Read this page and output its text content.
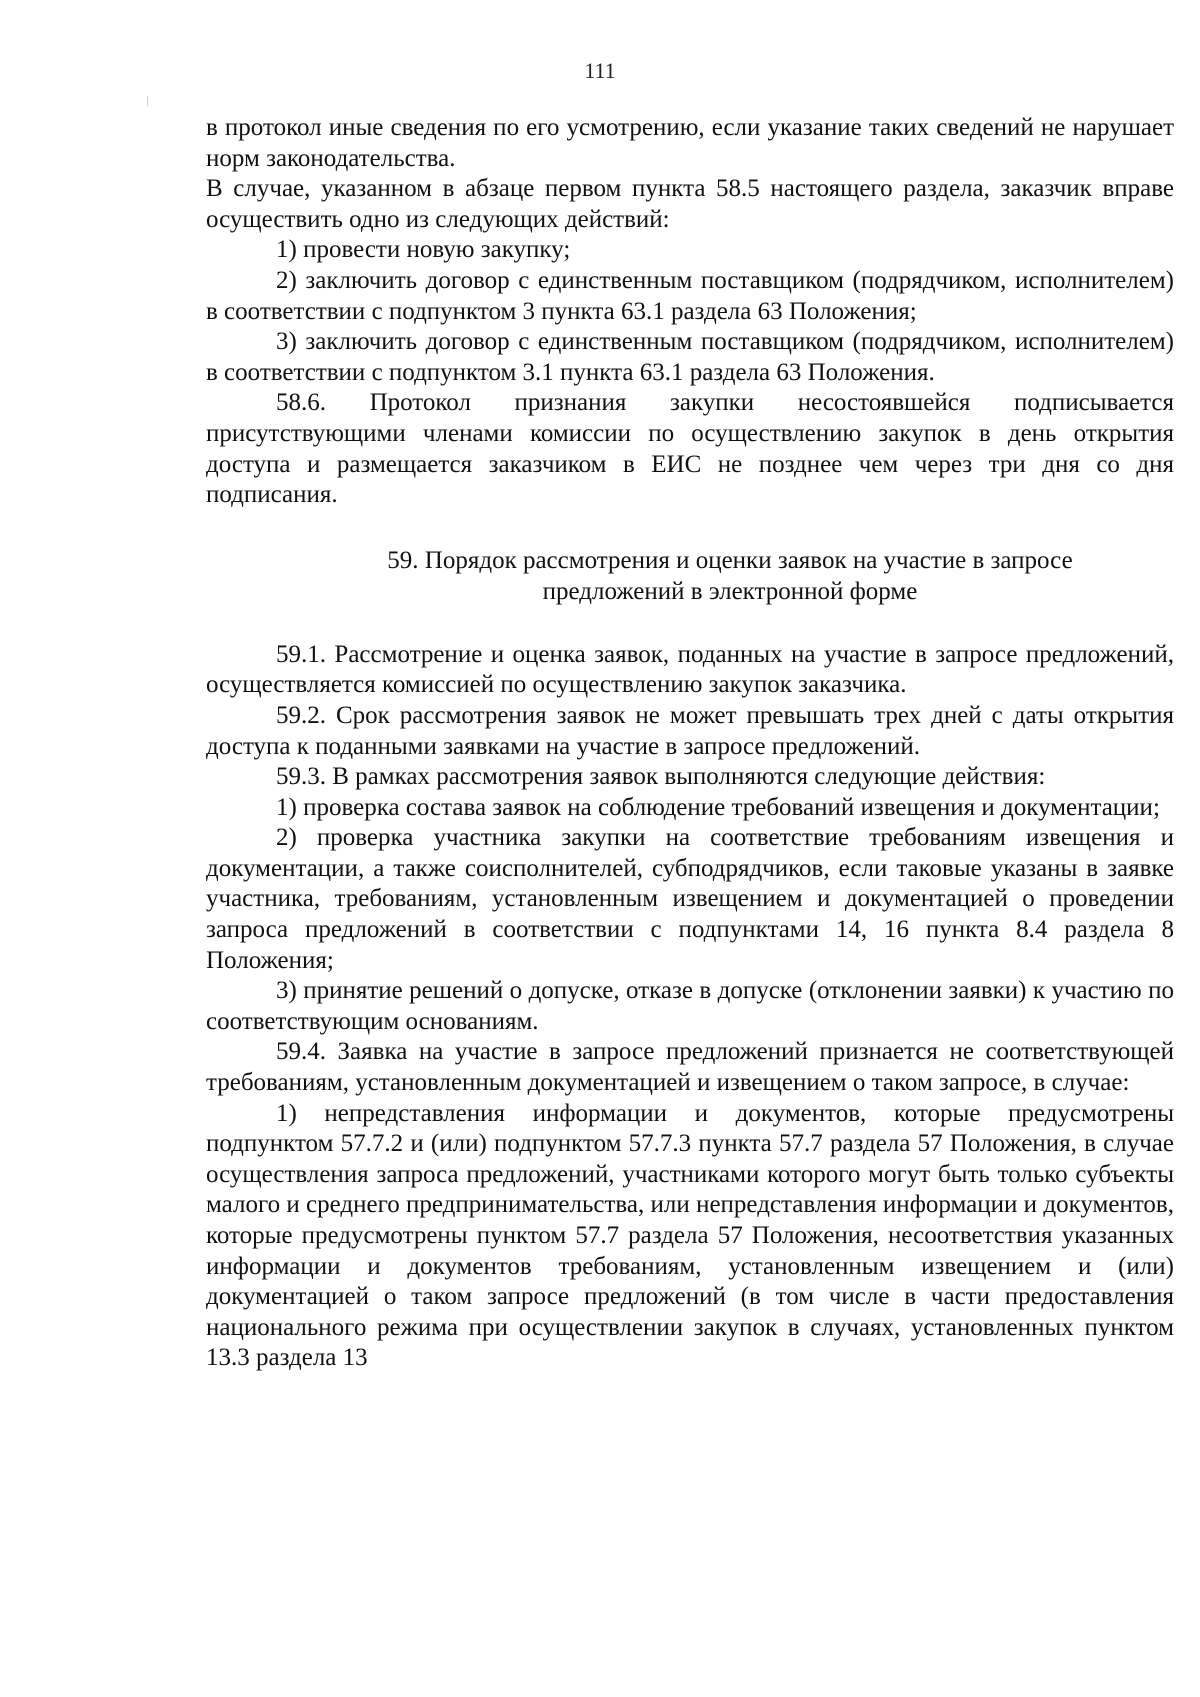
111

в протокол иные сведения по его усмотрению, если указание таких сведений не нарушает норм законодательства.

В случае, указанном в абзаце первом пункта 58.5 настоящего раздела, заказчик вправе осуществить одно из следующих действий:

1) провести новую закупку;

2) заключить договор с единственным поставщиком (подрядчиком, исполнителем) в соответствии с подпунктом 3 пункта 63.1 раздела 63 Положения;

3) заключить договор с единственным поставщиком (подрядчиком, исполнителем) в соответствии с подпунктом 3.1 пункта 63.1 раздела 63 Положения.

58.6. Протокол признания закупки несостоявшейся подписывается присутствующими членами комиссии по осуществлению закупок в день открытия доступа и размещается заказчиком в ЕИС не позднее чем через три дня со дня подписания.

59. Порядок рассмотрения и оценки заявок на участие в запросе
предложений в электронной форме

59.1. Рассмотрение и оценка заявок, поданных на участие в запросе предложений, осуществляется комиссией по осуществлению закупок заказчика.

59.2. Срок рассмотрения заявок не может превышать трех дней с даты открытия доступа к поданными заявками на участие в запросе предложений.

59.3. В рамках рассмотрения заявок выполняются следующие действия:

1) проверка состава заявок на соблюдение требований извещения и документации;

2) проверка участника закупки на соответствие требованиям извещения и документации, а также соисполнителей, субподрядчиков, если таковые указаны в заявке участника, требованиям, установленным извещением и документацией о проведении запроса предложений в соответствии с подпунктами 14, 16 пункта 8.4 раздела 8 Положения;

3) принятие решений о допуске, отказе в допуске (отклонении заявки) к участию по соответствующим основаниям.

59.4. Заявка на участие в запросе предложений признается не соответствующей требованиям, установленным документацией и извещением о таком запросе, в случае:

1) непредставления информации и документов, которые предусмотрены подпунктом 57.7.2 и (или) подпунктом 57.7.3 пункта 57.7 раздела 57 Положения, в случае осуществления запроса предложений, участниками которого могут быть только субъекты малого и среднего предпринимательства, или непредставления информации и документов, которые предусмотрены пунктом 57.7 раздела 57 Положения, несоответствия указанных информации и документов требованиям, установленным извещением и (или) документацией о таком запросе предложений (в том числе в части предоставления национального режима при осуществлении закупок в случаях, установленных пунктом 13.3 раздела 13
